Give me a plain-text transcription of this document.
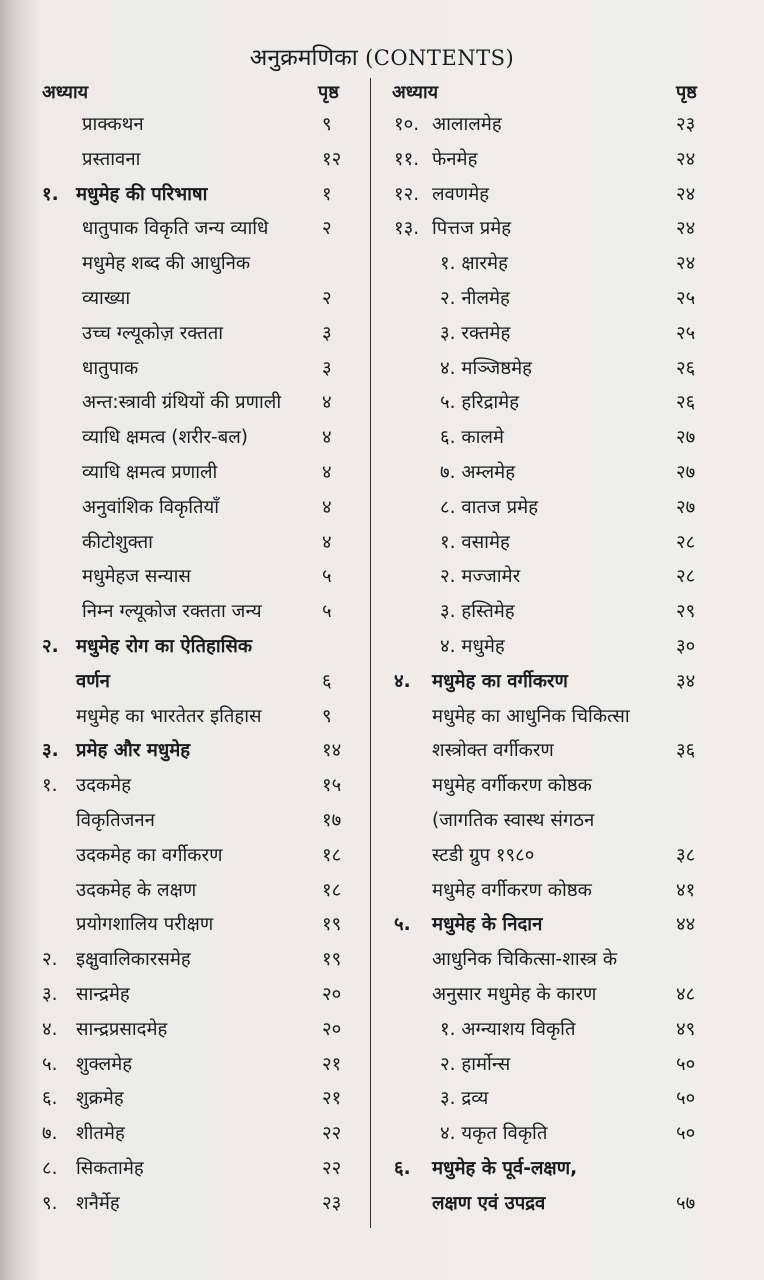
अनुक्रमणिका (CONTENTS)
अध्याय	पृष्ठ	अध्याय	पृष्ठ
प्राक्कथन	९
प्रस्तावना	१२
१. मधुमेह की परिभाषा	१
धातुपाक विकृति जन्य व्याधि	२
मधुमेह शब्द की आधुनिक
व्याख्या	२
उच्च ग्ल्यूकोज़ रक्तता	३
धातुपाक	३
अन्त:स्त्रावी ग्रंथियों की प्रणाली ४
व्याधि क्षमत्व (शरीर-बल)	४
व्याधि क्षमत्व प्रणाली	४
अनुवांशिक विकृतियाँ	४
कीटोशुक्ता	४
मधुमेहज सन्यास	५
निम्न ग्ल्यूकोज रक्तता जन्य	५
२. मधुमेह रोग का ऐतिहासिक
वर्णन	६
मधुमेह का भारतेतर इतिहास	९
३. प्रमेह और मधुमेह	१४
१. उदकमेह	१५
विकृतिजनन	१७
उदकमेह का वर्गीकरण	१८
उदकमेह के लक्षण	१८
प्रयोगशालिय परीक्षण	१९
२. इक्षुवालिकारसमेह	१९
३. सान्द्रमेह	२०
४. सान्द्रप्रसादमेह	२०
५. शुक्लमेह	२१
६. शुक्रमेह	२१
७. शीतमेह	२२
८. सिकतामेह	२२
९. शनैर्मेह	२३
१०. आलालमेह	२३
११. फेनमेह	२४
१२. लवणमेह	२४
१३. पित्तज प्रमेह	२४
१. क्षारमेह	२४
२. नीलमेह	२५
३. रक्तमेह	२५
४. मञ्जिष्ठमेह	२६
५. हरिद्रामेह	२६
६. कालमे	२७
७. अम्लमेह	२७
८. वातज प्रमेह	२७
१. वसामेह	२८
२. मज्जामेर	२८
३. हस्तिमेह	२९
४. मधुमेह	३०
४. मधुमेह का वर्गीकरण	३४
मधुमेह का आधुनिक चिकित्सा
शस्त्रोक्त वर्गीकरण	३६
मधुमेह वर्गीकरण कोष्ठक
(जागतिक स्वास्थ संगठन
स्टडी ग्रुप १९८०	३८
मधुमेह वर्गीकरण कोष्ठक	४१
५. मधुमेह के निदान	४४
आधुनिक चिकित्सा-शास्त्र के
अनुसार मधुमेह के कारण	४८
१. अग्न्याशय विकृति	४९
२. हार्मोन्स	५०
३. द्रव्य	५०
४. यकृत विकृति	५०
६. मधुमेह के पूर्व-लक्षण,
लक्षण एवं उपद्रव	५७
